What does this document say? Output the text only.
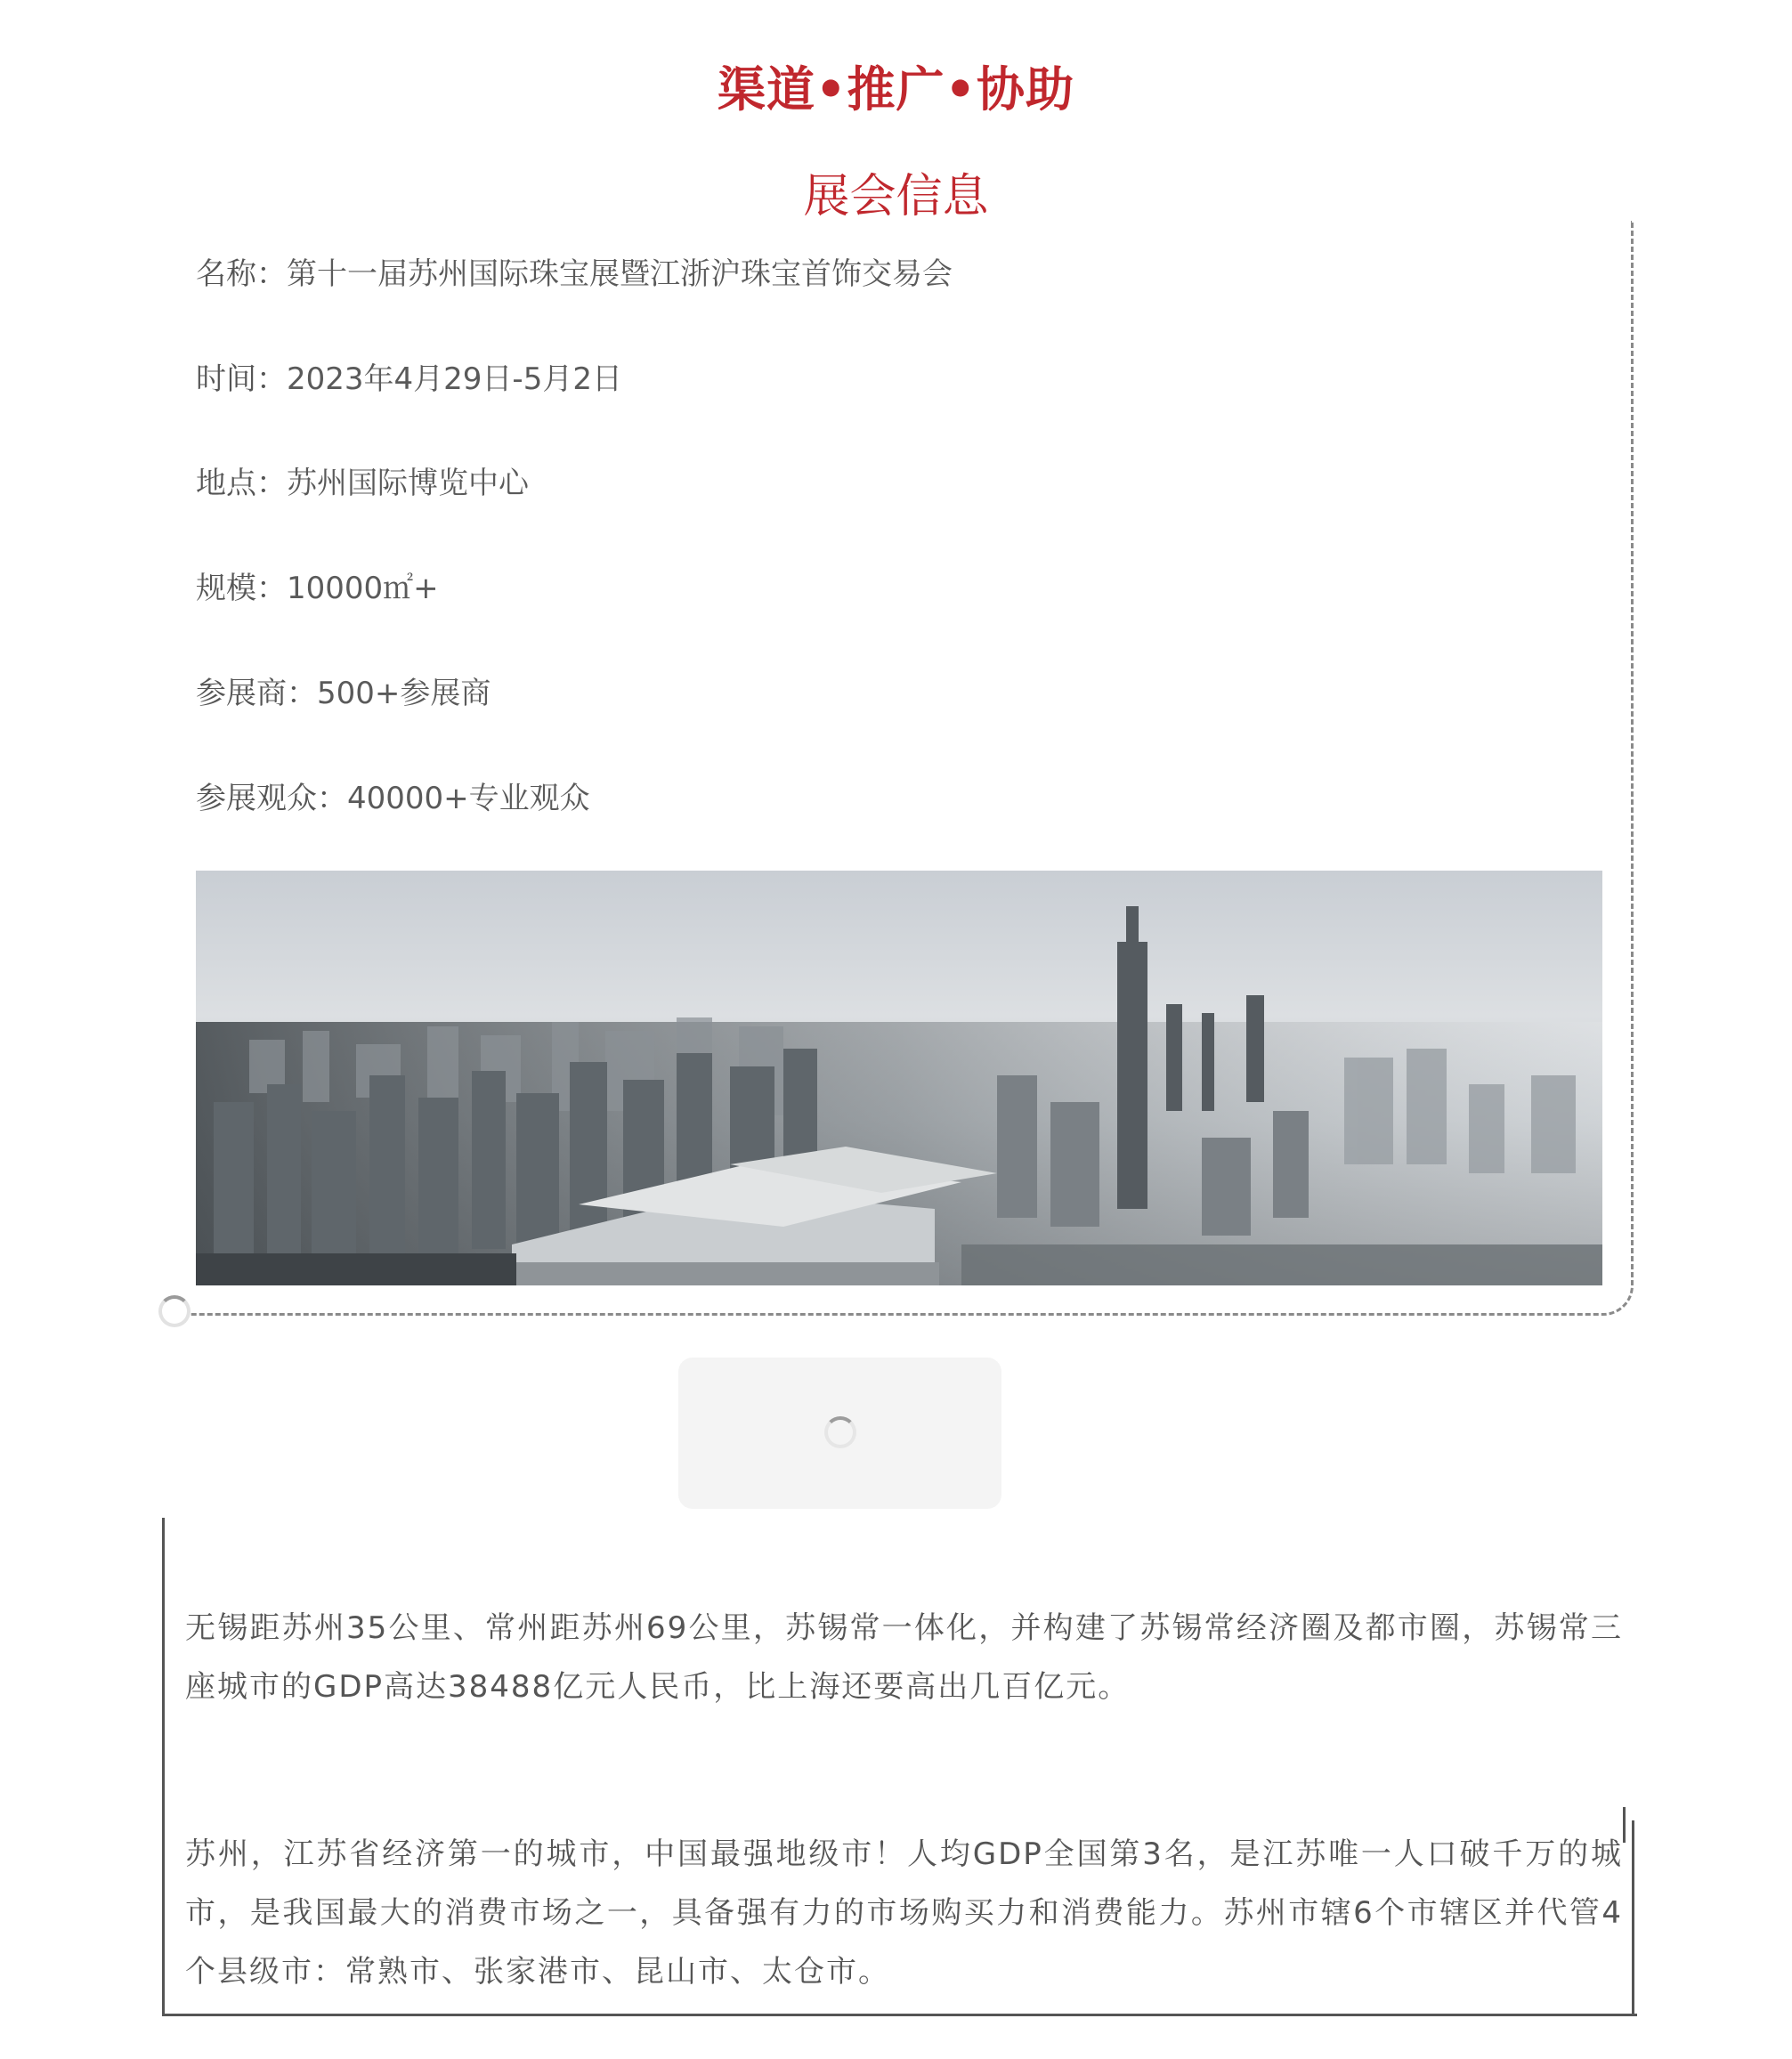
渠道•推广•协助
展会信息
名称：第十一届苏州国际珠宝展暨江浙沪珠宝首饰交易会
时间：2023年4月29日-5月2日
地点：苏州国际博览中心
规模：10000㎡+
参展商：500+参展商
参展观众：40000+专业观众
无锡距苏州35公里、常州距苏州69公里，苏锡常一体化，并构建了苏锡常经济圈及都市圈，苏锡常三座城市的GDP高达38488亿元人民币，比上海还要高出几百亿元。
苏州，江苏省经济第一的城市，中国最强地级市！人均GDP全国第3名，是江苏唯一人口破千万的城市，是我国最大的消费市场之一，具备强有力的市场购买力和消费能力。苏州市辖6个市辖区并代管4个县级市：常熟市、张家港市、昆山市、太仓市。
